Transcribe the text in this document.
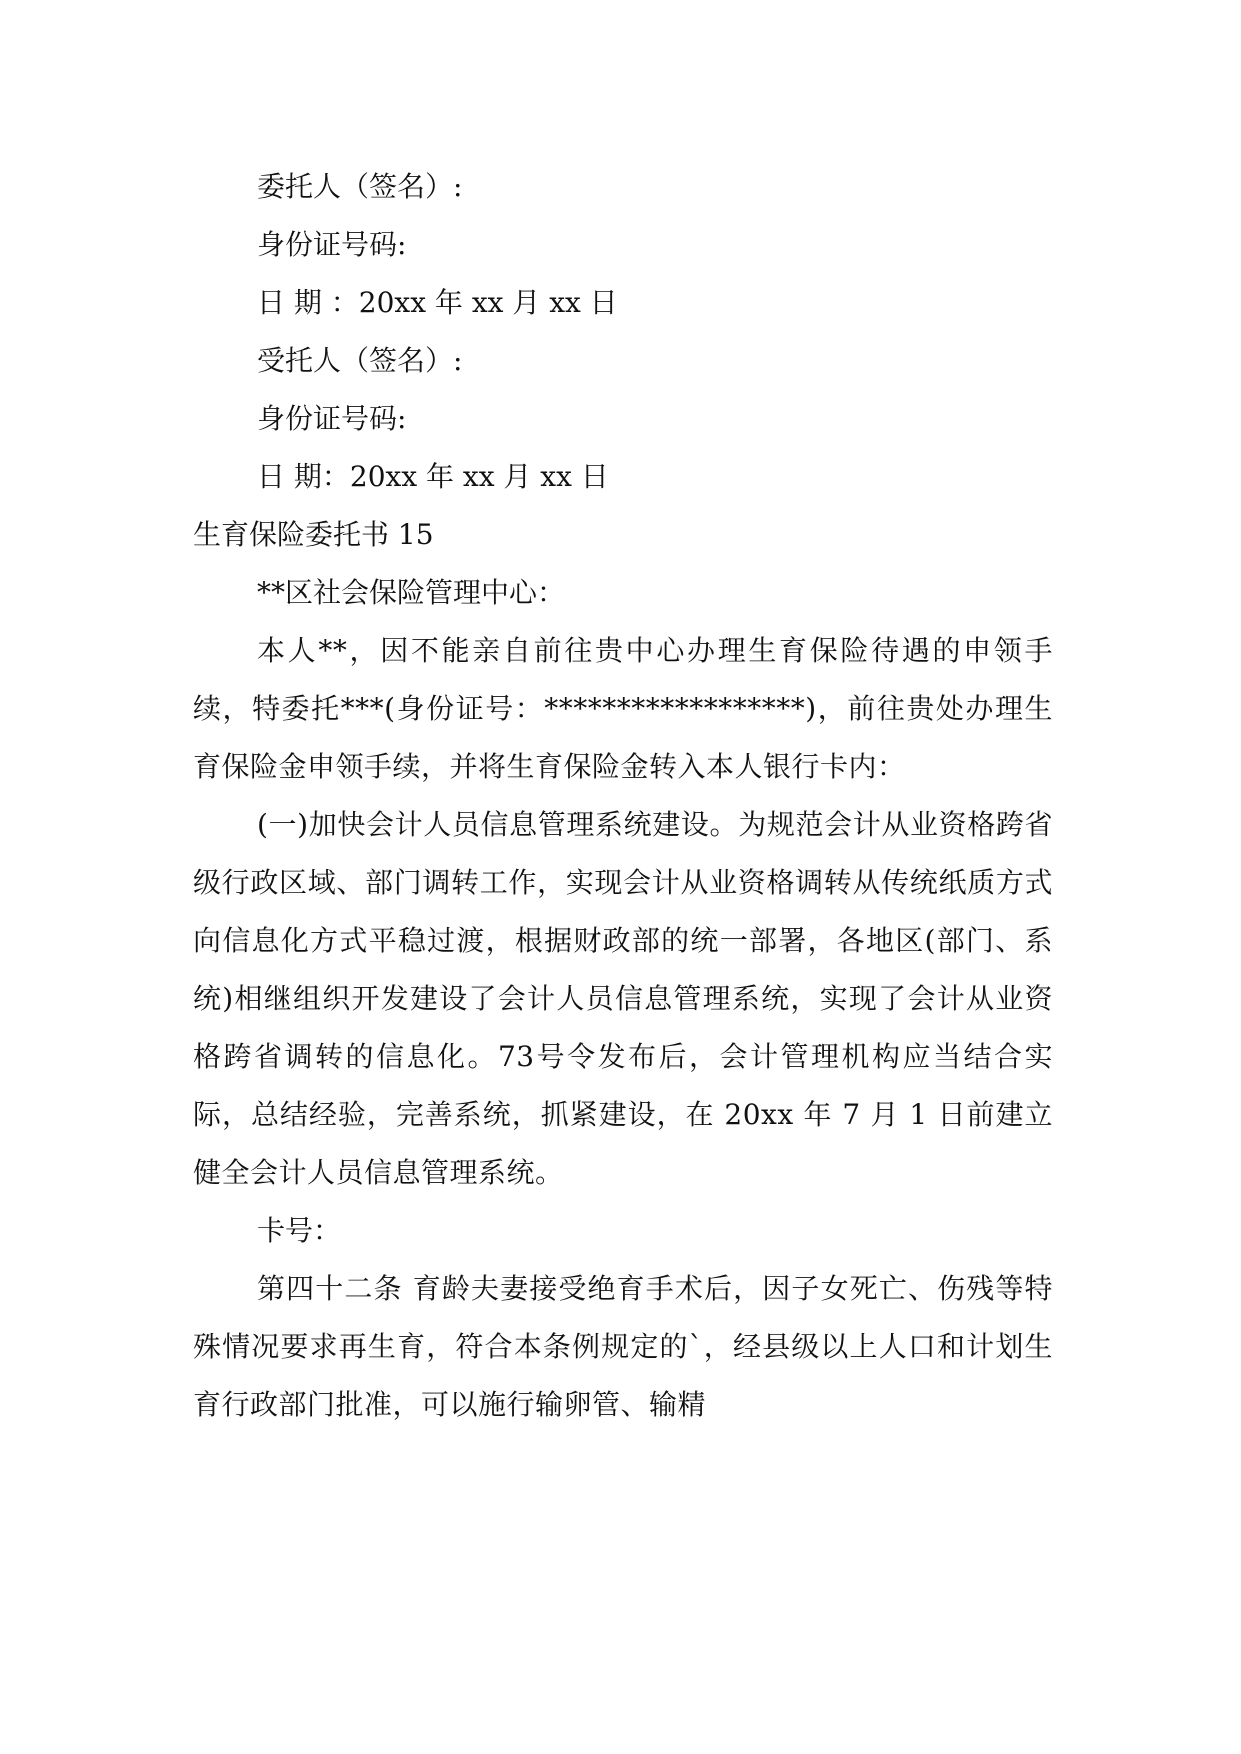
委托人（签名）:
身份证号码:
日 期 ：20xx 年 xx 月 xx 日
受托人（签名）:
身份证号码:
日 期：20xx 年 xx 月 xx 日
生育保险委托书 15
**区社会保险管理中心：

本人**，因不能亲自前往贵中心办理生育保险待遇的申领手续，特委托***(身份证号：******************)，前往贵处办理生育保险金申领手续，并将生育保险金转入本人银行卡内：

(一)加快会计人员信息管理系统建设。为规范会计从业资格跨省级行政区域、部门调转工作，实现会计从业资格调转从传统纸质方式向信息化方式平稳过渡，根据财政部的统一部署，各地区(部门、系统)相继组织开发建设了会计人员信息管理系统，实现了会计从业资格跨省调转的信息化。73号令发布后，会计管理机构应当结合实际，总结经验，完善系统，抓紧建设，在 20xx 年 7 月 1 日前建立健全会计人员信息管理系统。

卡号：

第四十二条 育龄夫妻接受绝育手术后，因子女死亡、伤残等特殊情况要求再生育，符合本条例规定的`，经县级以上人口和计划生育行政部门批准，可以施行输卵管、输精
